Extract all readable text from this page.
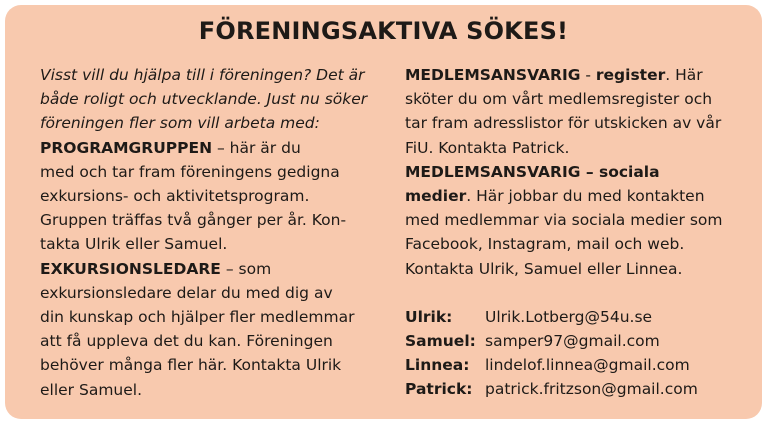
FÖRENINGSAKTIVA SÖKES!
Visst vill du hjälpa till i föreningen? Det är
både roligt och utvecklande. Just nu söker
föreningen fler som vill arbeta med:
PROGRAMGRUPPEN – här är du
med och tar fram föreningens gedigna
exkursions- och aktivitetsprogram.
Gruppen träffas två gånger per år. Kon-
takta Ulrik eller Samuel.
EXKURSIONSLEDARE – som
exkursionsledare delar du med dig av
din kunskap och hjälper fler medlemmar
att få uppleva det du kan. Föreningen
behöver många fler här. Kontakta Ulrik
eller Samuel.
MEDLEMSANSVARIG - register. Här
sköter du om vårt medlemsregister och
tar fram adresslistor för utskicken av vår
FiU. Kontakta Patrick.
MEDLEMSANSVARIG – sociala
medier. Här jobbar du med kontakten
med medlemmar via sociala medier som
Facebook, Instagram, mail och web.
Kontakta Ulrik, Samuel eller Linnea.
Ulrik:	Ulrik.Lotberg@54u.se
Samuel: samper97@gmail.com
Linnea:	lindelof.linnea@gmail.com
Patrick: patrick.fritzson@gmail.com
